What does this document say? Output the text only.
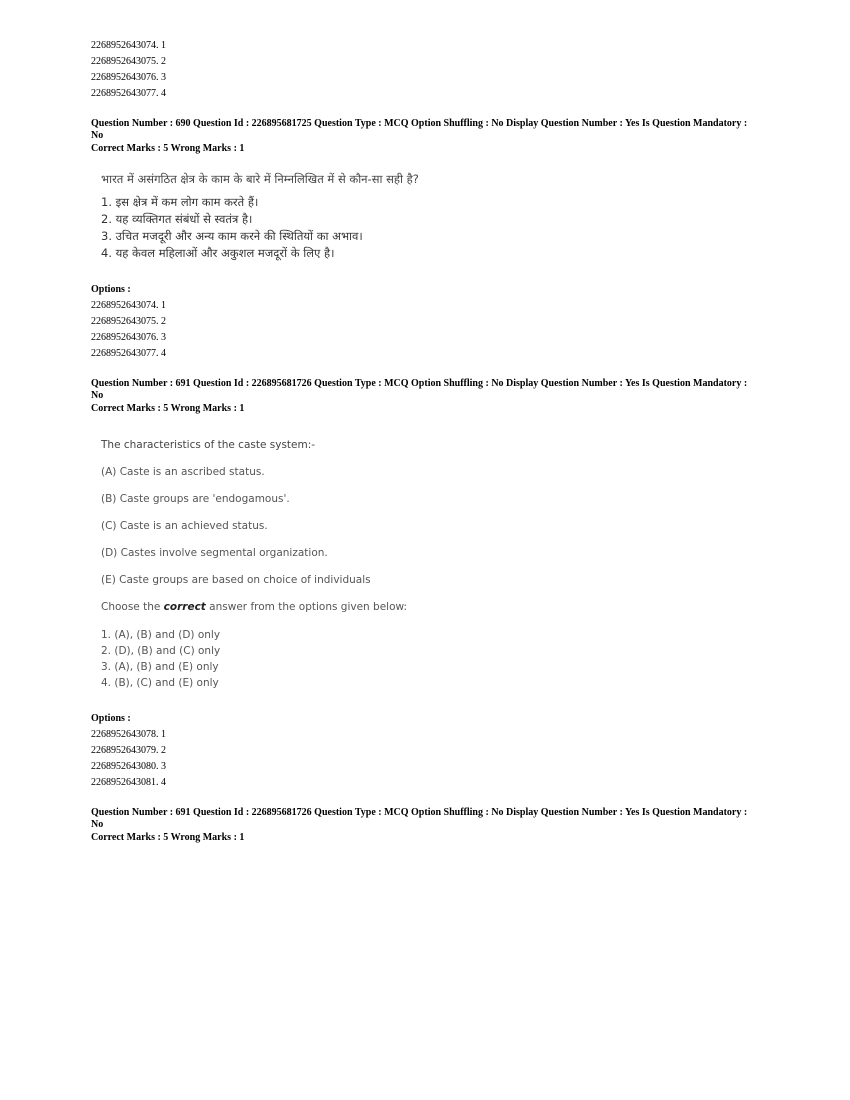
2268952643074. 1
2268952643075. 2
2268952643076. 3
2268952643077. 4
Question Number : 690 Question Id : 226895681725 Question Type : MCQ Option Shuffling : No Display Question Number : Yes Is Question Mandatory : No
Correct Marks : 5 Wrong Marks : 1
भारत में असंगठित क्षेत्र के काम के बारे में निम्नलिखित में से कौन-सा सही है?
1. इस क्षेत्र में कम लोग काम करते हैं।
2. यह व्यक्तिगत संबंधों से स्वतंत्र है।
3. उचित मजदूरी और अन्य काम करने की स्थितियों का अभाव।
4. यह केवल महिलाओं और अकुशल मजदूरों के लिए है।
Options :
2268952643074. 1
2268952643075. 2
2268952643076. 3
2268952643077. 4
Question Number : 691 Question Id : 226895681726 Question Type : MCQ Option Shuffling : No Display Question Number : Yes Is Question Mandatory : No
Correct Marks : 5 Wrong Marks : 1
The characteristics of the caste system:-
(A) Caste is an ascribed status.
(B) Caste groups are 'endogamous'.
(C) Caste is an achieved status.
(D) Castes involve segmental organization.
(E) Caste groups are based on choice of individuals
Choose the correct answer from the options given below:
1. (A), (B) and (D) only
2. (D), (B) and (C) only
3. (A), (B) and (E) only
4. (B), (C) and (E) only
Options :
2268952643078. 1
2268952643079. 2
2268952643080. 3
2268952643081. 4
Question Number : 691 Question Id : 226895681726 Question Type : MCQ Option Shuffling : No Display Question Number : Yes Is Question Mandatory : No
Correct Marks : 5 Wrong Marks : 1
